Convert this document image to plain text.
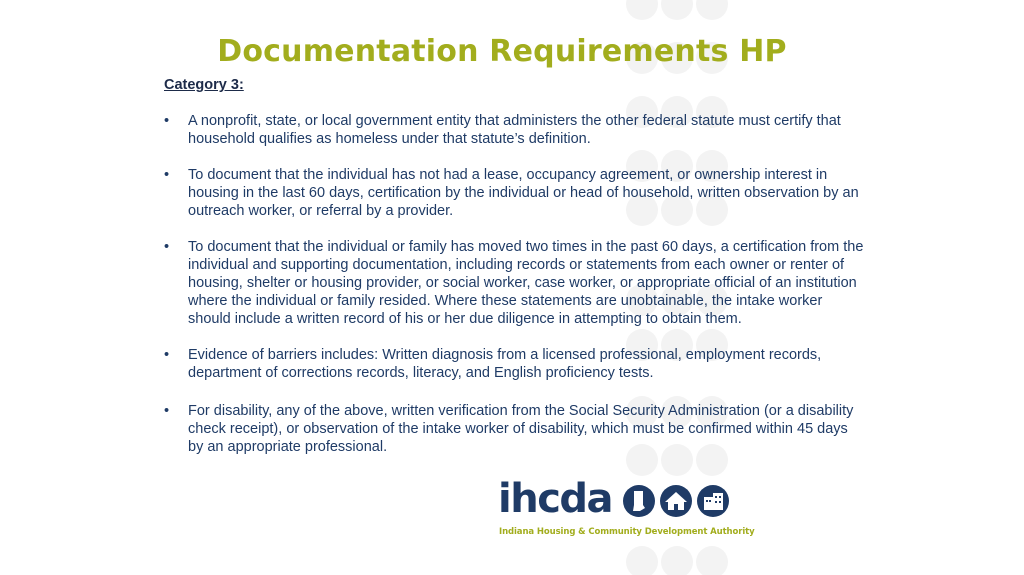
Documentation Requirements HP
Category 3:
• A nonprofit, state, or local government entity that administers the other federal statute must certify that household qualifies as homeless under that statute’s definition.
• To document that the individual has not had a lease, occupancy agreement, or ownership interest in housing in the last 60 days, certification by the individual or head of household, written observation by an outreach worker, or referral by a provider.
• To document that the individual or family has moved two times in the past 60 days, a certification from the individual and supporting documentation, including records or statements from each owner or renter of housing, shelter or housing provider, or social worker, case worker, or appropriate official of an institution where the individual or family resided. Where these statements are unobtainable, the intake worker should include a written record of his or her due diligence in attempting to obtain them.
• Evidence of barriers includes: Written diagnosis from a licensed professional, employment records, department of corrections records, literacy, and English proficiency tests.
• For disability, any of the above, written verification from the Social Security Administration (or a disability check receipt), or observation of the intake worker of disability, which must be confirmed within 45 days by an appropriate professional.
ihcda
Indiana Housing & Community Development Authority
